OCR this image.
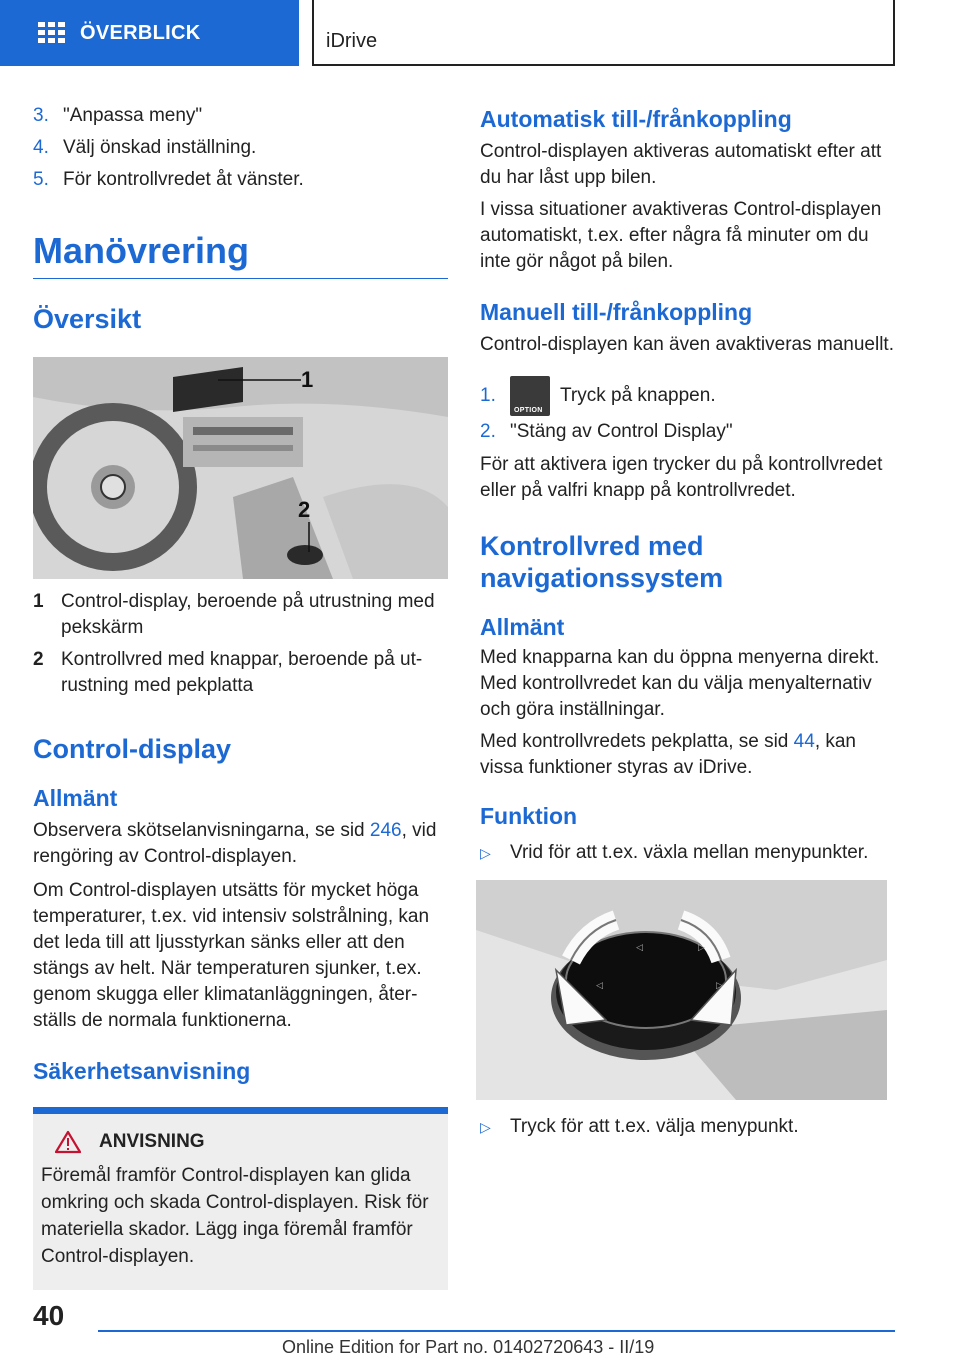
ÖVERBLICK	iDrive
3. "Anpassa meny"
4. Välj önskad inställning.
5. För kontrollvredet åt vänster.
Manövrering
Översikt
1
2
1 Control-display, beroende på utrustning med pekskärm
2 Kontrollvred med knappar, beroende på ut-rustning med pekplatta
Control-display
Allmänt
Observera skötselanvisningarna, se sid 246, vid rengöring av Control-displayen.
Om Control-displayen utsätts för mycket höga temperaturer, t.ex. vid intensiv solstrålning, kan det leda till att ljusstyrkan sänks eller att den stängs av helt. När temperaturen sjunker, t.ex. genom skugga eller klimatanläggningen, åter-ställs de normala funktionerna.
Säkerhetsanvisning
ANVISNING
Föremål framför Control-displayen kan glida omkring och skada Control-displayen. Risk för materiella skador. Lägg inga föremål framför Control-displayen.
Automatisk till-/frånkoppling
Control-displayen aktiveras automatiskt efter att du har låst upp bilen.
I vissa situationer avaktiveras Control-displayen automatiskt, t.ex. efter några få minuter om du inte gör något på bilen.
Manuell till-/frånkoppling
Control-displayen kan även avaktiveras manuellt.
1.
OPTION
Tryck på knappen.
2. "Stäng av Control Display"
För att aktivera igen trycker du på kontrollvredet eller på valfri knapp på kontrollvredet.
Kontrollvred med navigationssystem
Allmänt
Med knapparna kan du öppna menyerna direkt. Med kontrollvredet kan du välja menyalternativ och göra inställningar.
Med kontrollvredets pekplatta, se sid 44, kan vissa funktioner styras av iDrive.
Funktion
▷ Vrid för att t.ex. växla mellan menypunkter.
◁	▷
◁	▷
▷ Tryck för att t.ex. välja menypunkt.
40
Online Edition for Part no. 01402720643 - II/19
